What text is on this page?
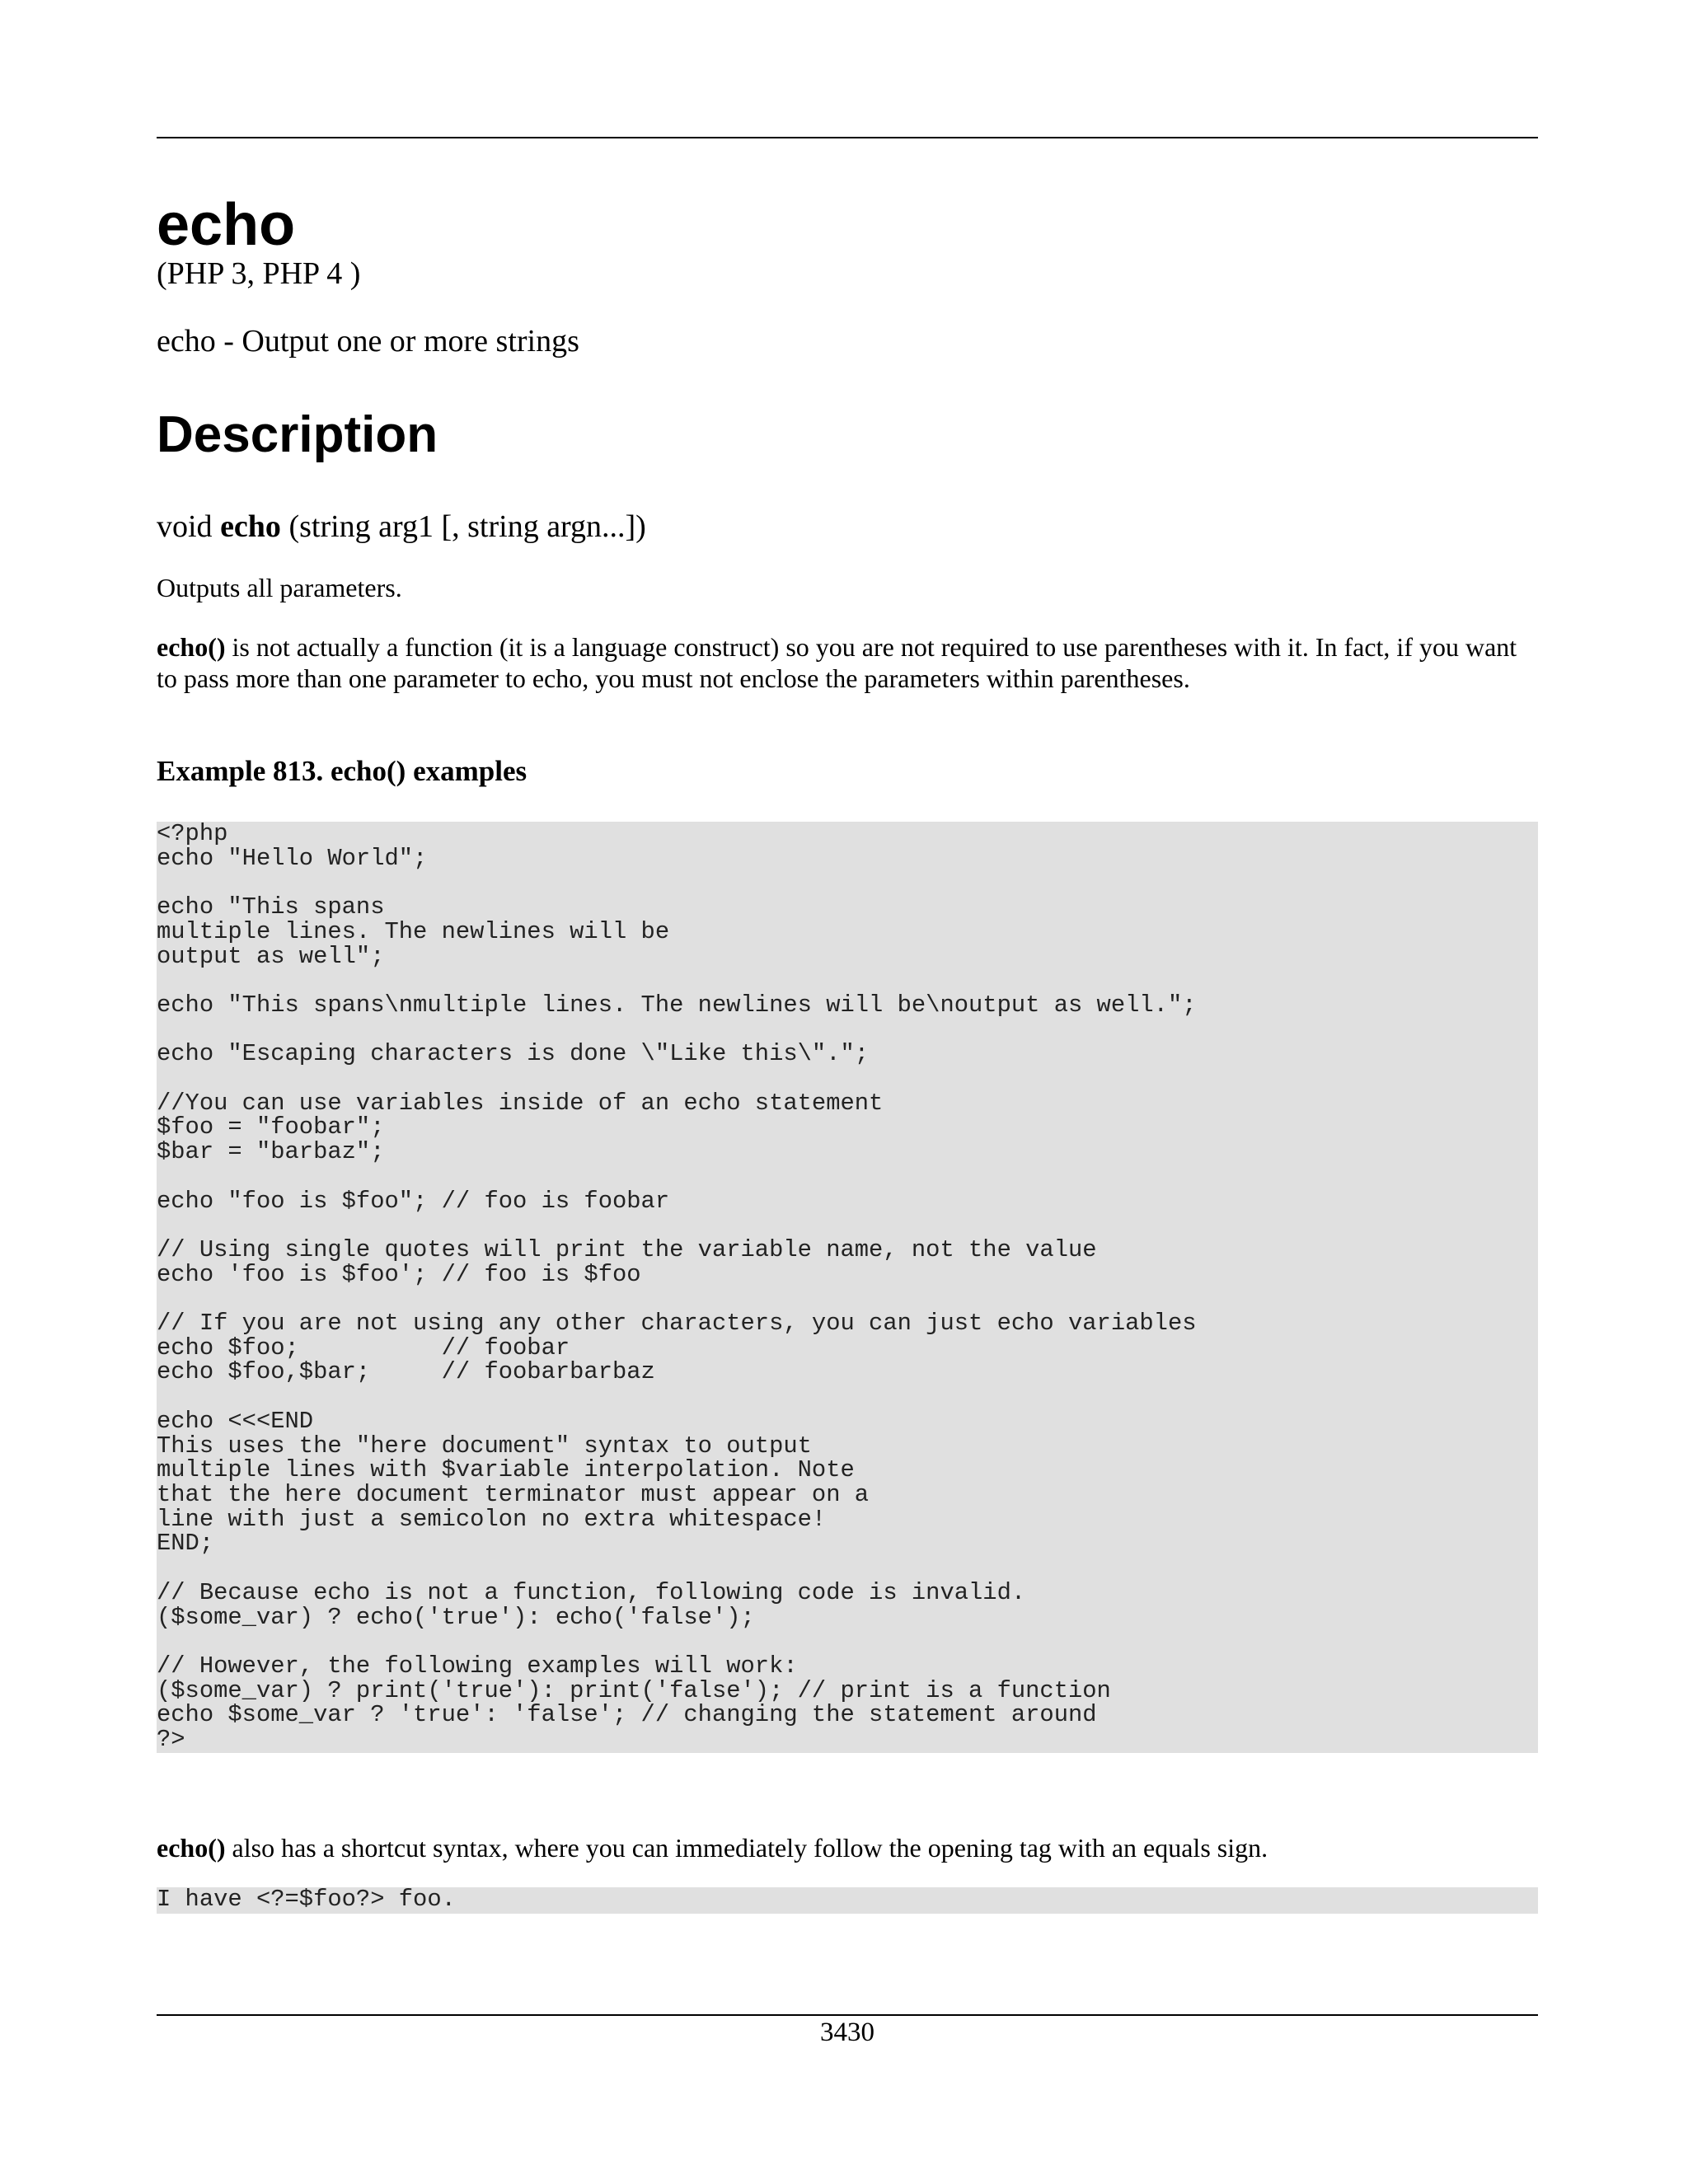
echo
(PHP 3, PHP 4 )
echo - Output one or more strings
Description
void echo (string arg1 [, string argn...])
Outputs all parameters.
echo() is not actually a function (it is a language construct) so you are not required to use parentheses with it. In fact, if you want to pass more than one parameter to echo, you must not enclose the parameters within parentheses.
Example 813. echo() examples
<?php
echo "Hello World";

echo "This spans
multiple lines. The newlines will be
output as well";

echo "This spans\nmultiple lines. The newlines will be\noutput as well.";

echo "Escaping characters is done \"Like this\".";

//You can use variables inside of an echo statement
$foo = "foobar";
$bar = "barbaz";

echo "foo is $foo"; // foo is foobar

// Using single quotes will print the variable name, not the value
echo 'foo is $foo'; // foo is $foo

// If you are not using any other characters, you can just echo variables
echo $foo;          // foobar
echo $foo,$bar;     // foobarbarbaz

echo <<<END
This uses the "here document" syntax to output
multiple lines with $variable interpolation. Note
that the here document terminator must appear on a
line with just a semicolon no extra whitespace!
END;

// Because echo is not a function, following code is invalid.
($some_var) ? echo('true'): echo('false');

// However, the following examples will work:
($some_var) ? print('true'): print('false'); // print is a function
echo $some_var ? 'true': 'false'; // changing the statement around
?>
echo() also has a shortcut syntax, where you can immediately follow the opening tag with an equals sign.
I have <?=$foo?> foo.
3430
